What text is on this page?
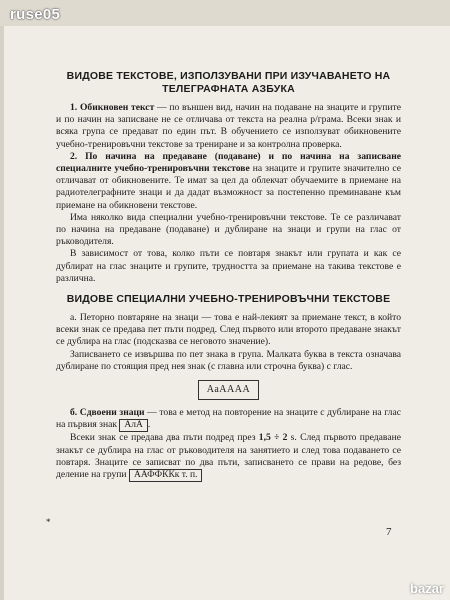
ruse05
ВИДОВЕ ТЕКСТОВЕ, ИЗПОЛЗУВАНИ ПРИ ИЗУЧАВАНЕТО НА ТЕЛЕГРАФНАТА АЗБУКА

1. Обикновен текст — по външен вид, начин на подаване на знаците и групите и по начин на записване не се отличава от текста на реална р/грама. Всеки знак и всяка група се предават по един път. В обучението се използуват обикновените учебно-тренировъчни текстове за трениране и за контролна проверка.

2. По начина на предаване (подаване) и по начина на записване специалните учебно-тренировъчни текстове на знаците и групите значително се отличават от обикновените. Те имат за цел да облекчат обучаемите в приемане на радиотелеграфните знаци и да дадат възможност за постепенно преминаване към приемане на обикновени текстове.

Има няколко вида специални учебно-тренировъчни текстове. Те се различават по начина на предаване (подаване) и дублиране на знаци и групи на глас от ръководителя.

В зависимост от това, колко пъти се повтаря знакът или групата и как се дублират на глас знаците и групите, трудността за приемане на такива текстове е различна.

ВИДОВЕ СПЕЦИАЛНИ УЧЕБНО-ТРЕНИРОВЪЧНИ ТЕКСТОВЕ

а. Петорно повтаряне на знаци — това е най-лекият за приемане текст, в който всеки знак се предава пет пъти подред. След първото или второто предаване знакът се дублира на глас (подсказва се неговото значение).

Записването се извършва по пет знака в група. Малката буква в текста означава дублиране по стоящия пред нея знак (с главна или строчна буква) с глас.

АаАААА

б. Сдвоени знаци — това е метод на повторение на знаците с дублиране на глас на първия знак АлА .

Всеки знак се предава два пъти подред през 1,5 ÷ 2 s. След първото предаване знакът се дублира на глас от ръководителя на занятието и след това подаването се повтаря. Знаците се записват по два пъти, записването се прави на редове, без деление на групи ААФФККк т. п.

*
7
bazar
